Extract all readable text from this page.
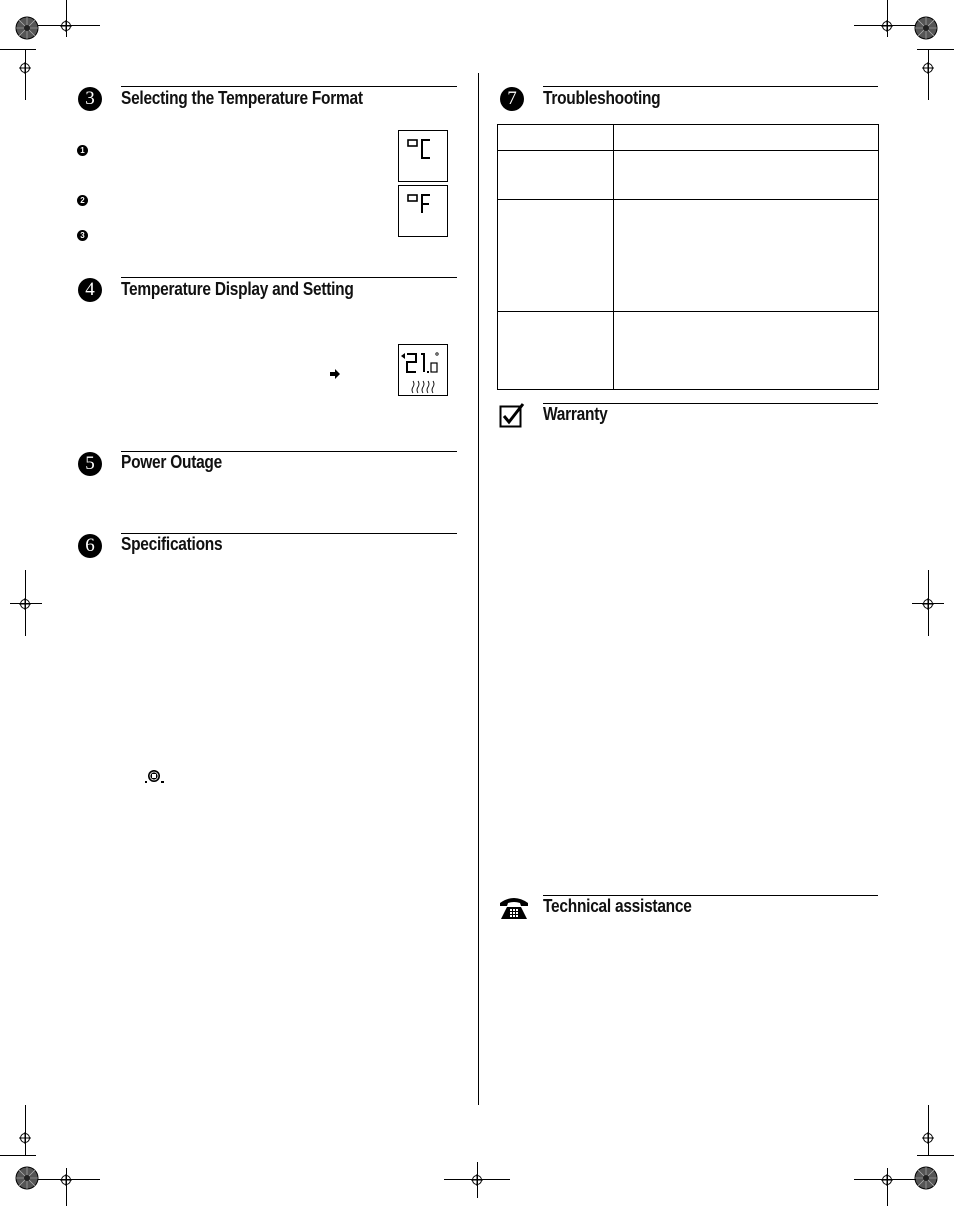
3	Selecting the Temperature Format
1
2
3
4	Temperature Display and Setting
5	Power Outage
6	Specifications
7	Troubleshooting
Warranty
Technical assistance
